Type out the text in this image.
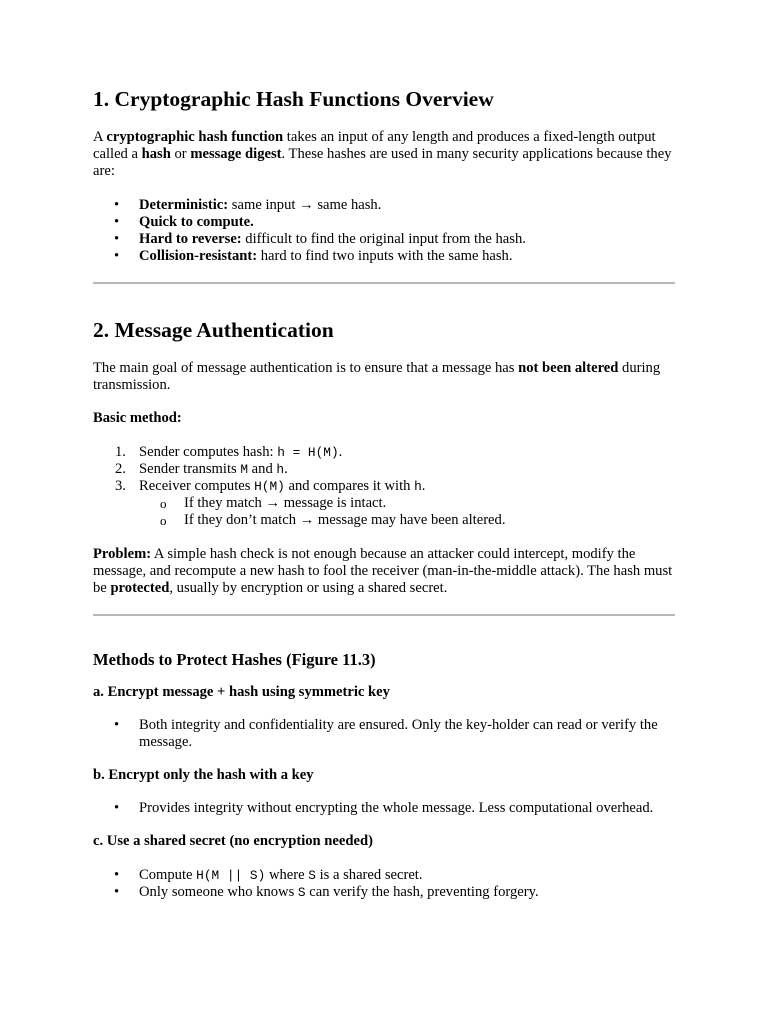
1. Cryptographic Hash Functions Overview

A cryptographic hash function takes an input of any length and produces a fixed-length output called a hash or message digest. These hashes are used in many security applications because they are:

• Deterministic: same input → same hash.
• Quick to compute.
• Hard to reverse: difficult to find the original input from the hash.
• Collision-resistant: hard to find two inputs with the same hash.
2. Message Authentication

The main goal of message authentication is to ensure that a message has not been altered during transmission.

Basic method:

1. Sender computes hash: h = H(M).
2. Sender transmits M and h.
3. Receiver computes H(M) and compares it with h.
o If they match → message is intact.
o If they don’t match → message may have been altered.

Problem: A simple hash check is not enough because an attacker could intercept, modify the message, and recompute a new hash to fool the receiver (man-in-the-middle attack). The hash must be protected, usually by encryption or using a shared secret.

Methods to Protect Hashes (Figure 11.3)

a. Encrypt message + hash using symmetric key

• Both integrity and confidentiality are ensured. Only the key-holder can read or verify the message.

b. Encrypt only the hash with a key

• Provides integrity without encrypting the whole message. Less computational overhead.

c. Use a shared secret (no encryption needed)

• Compute H(M || S) where S is a shared secret.
• Only someone who knows S can verify the hash, preventing forgery.
